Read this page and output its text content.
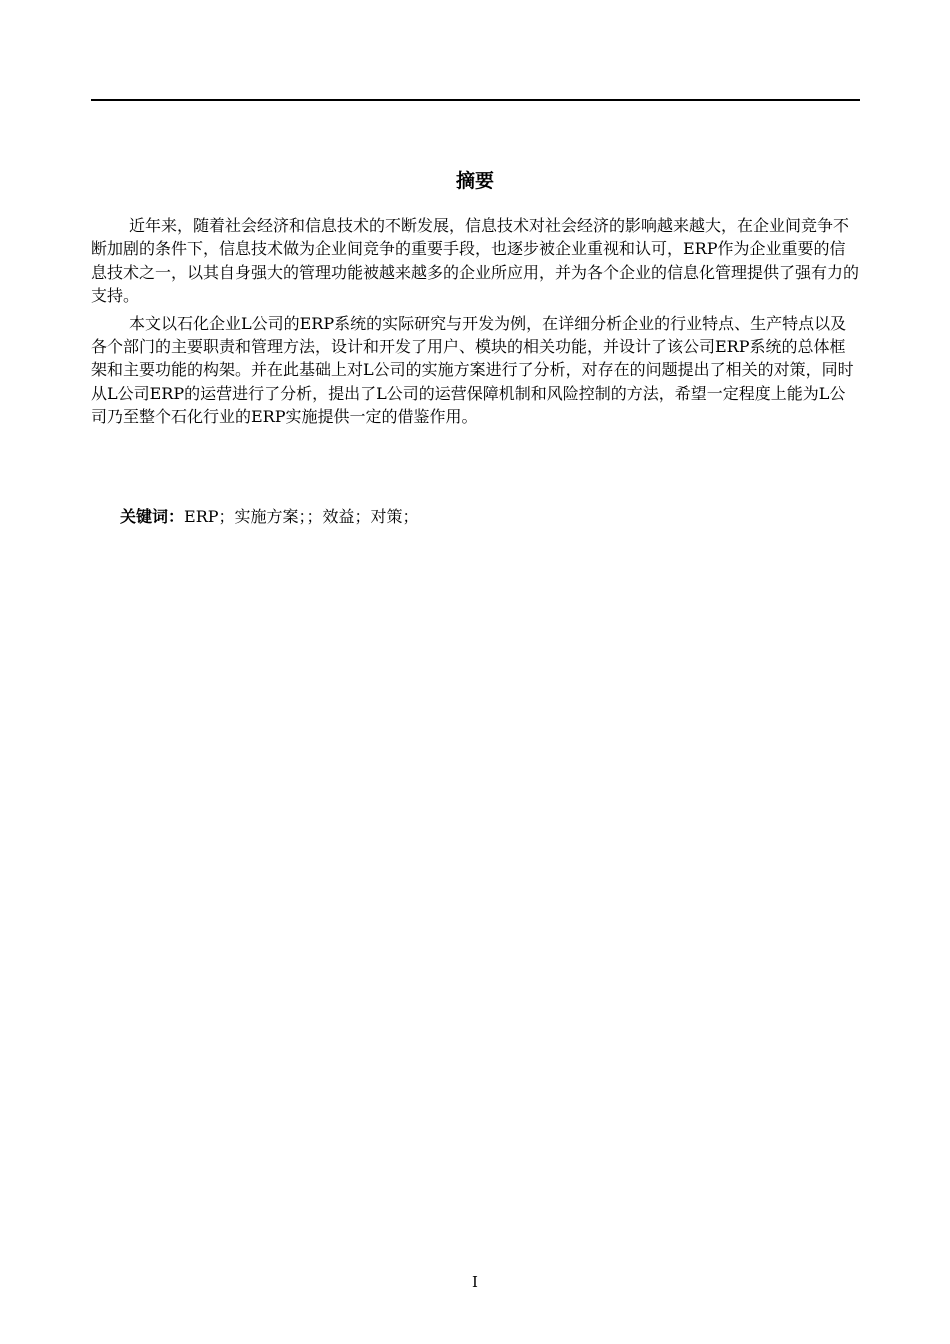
摘要

近年来，随着社会经济和信息技术的不断发展，信息技术对社会经济的影响越来越大，在企业间竞争不断加剧的条件下，信息技术做为企业间竞争的重要手段，也逐步被企业重视和认可，ERP作为企业重要的信息技术之一，以其自身强大的管理功能被越来越多的企业所应用，并为各个企业的信息化管理提供了强有力的支持。

本文以石化企业L公司的ERP系统的实际研究与开发为例，在详细分析企业的行业特点、生产特点以及各个部门的主要职责和管理方法，设计和开发了用户、模块的相关功能，并设计了该公司ERP系统的总体框架和主要功能的构架。并在此基础上对L公司的实施方案进行了分析，对存在的问题提出了相关的对策，同时从L公司ERP的运营进行了分析，提出了L公司的运营保障机制和风险控制的方法，希望一定程度上能为L公司乃至整个石化行业的ERP实施提供一定的借鉴作用。

关键词：ERP；实施方案；；效益；对策；
I
